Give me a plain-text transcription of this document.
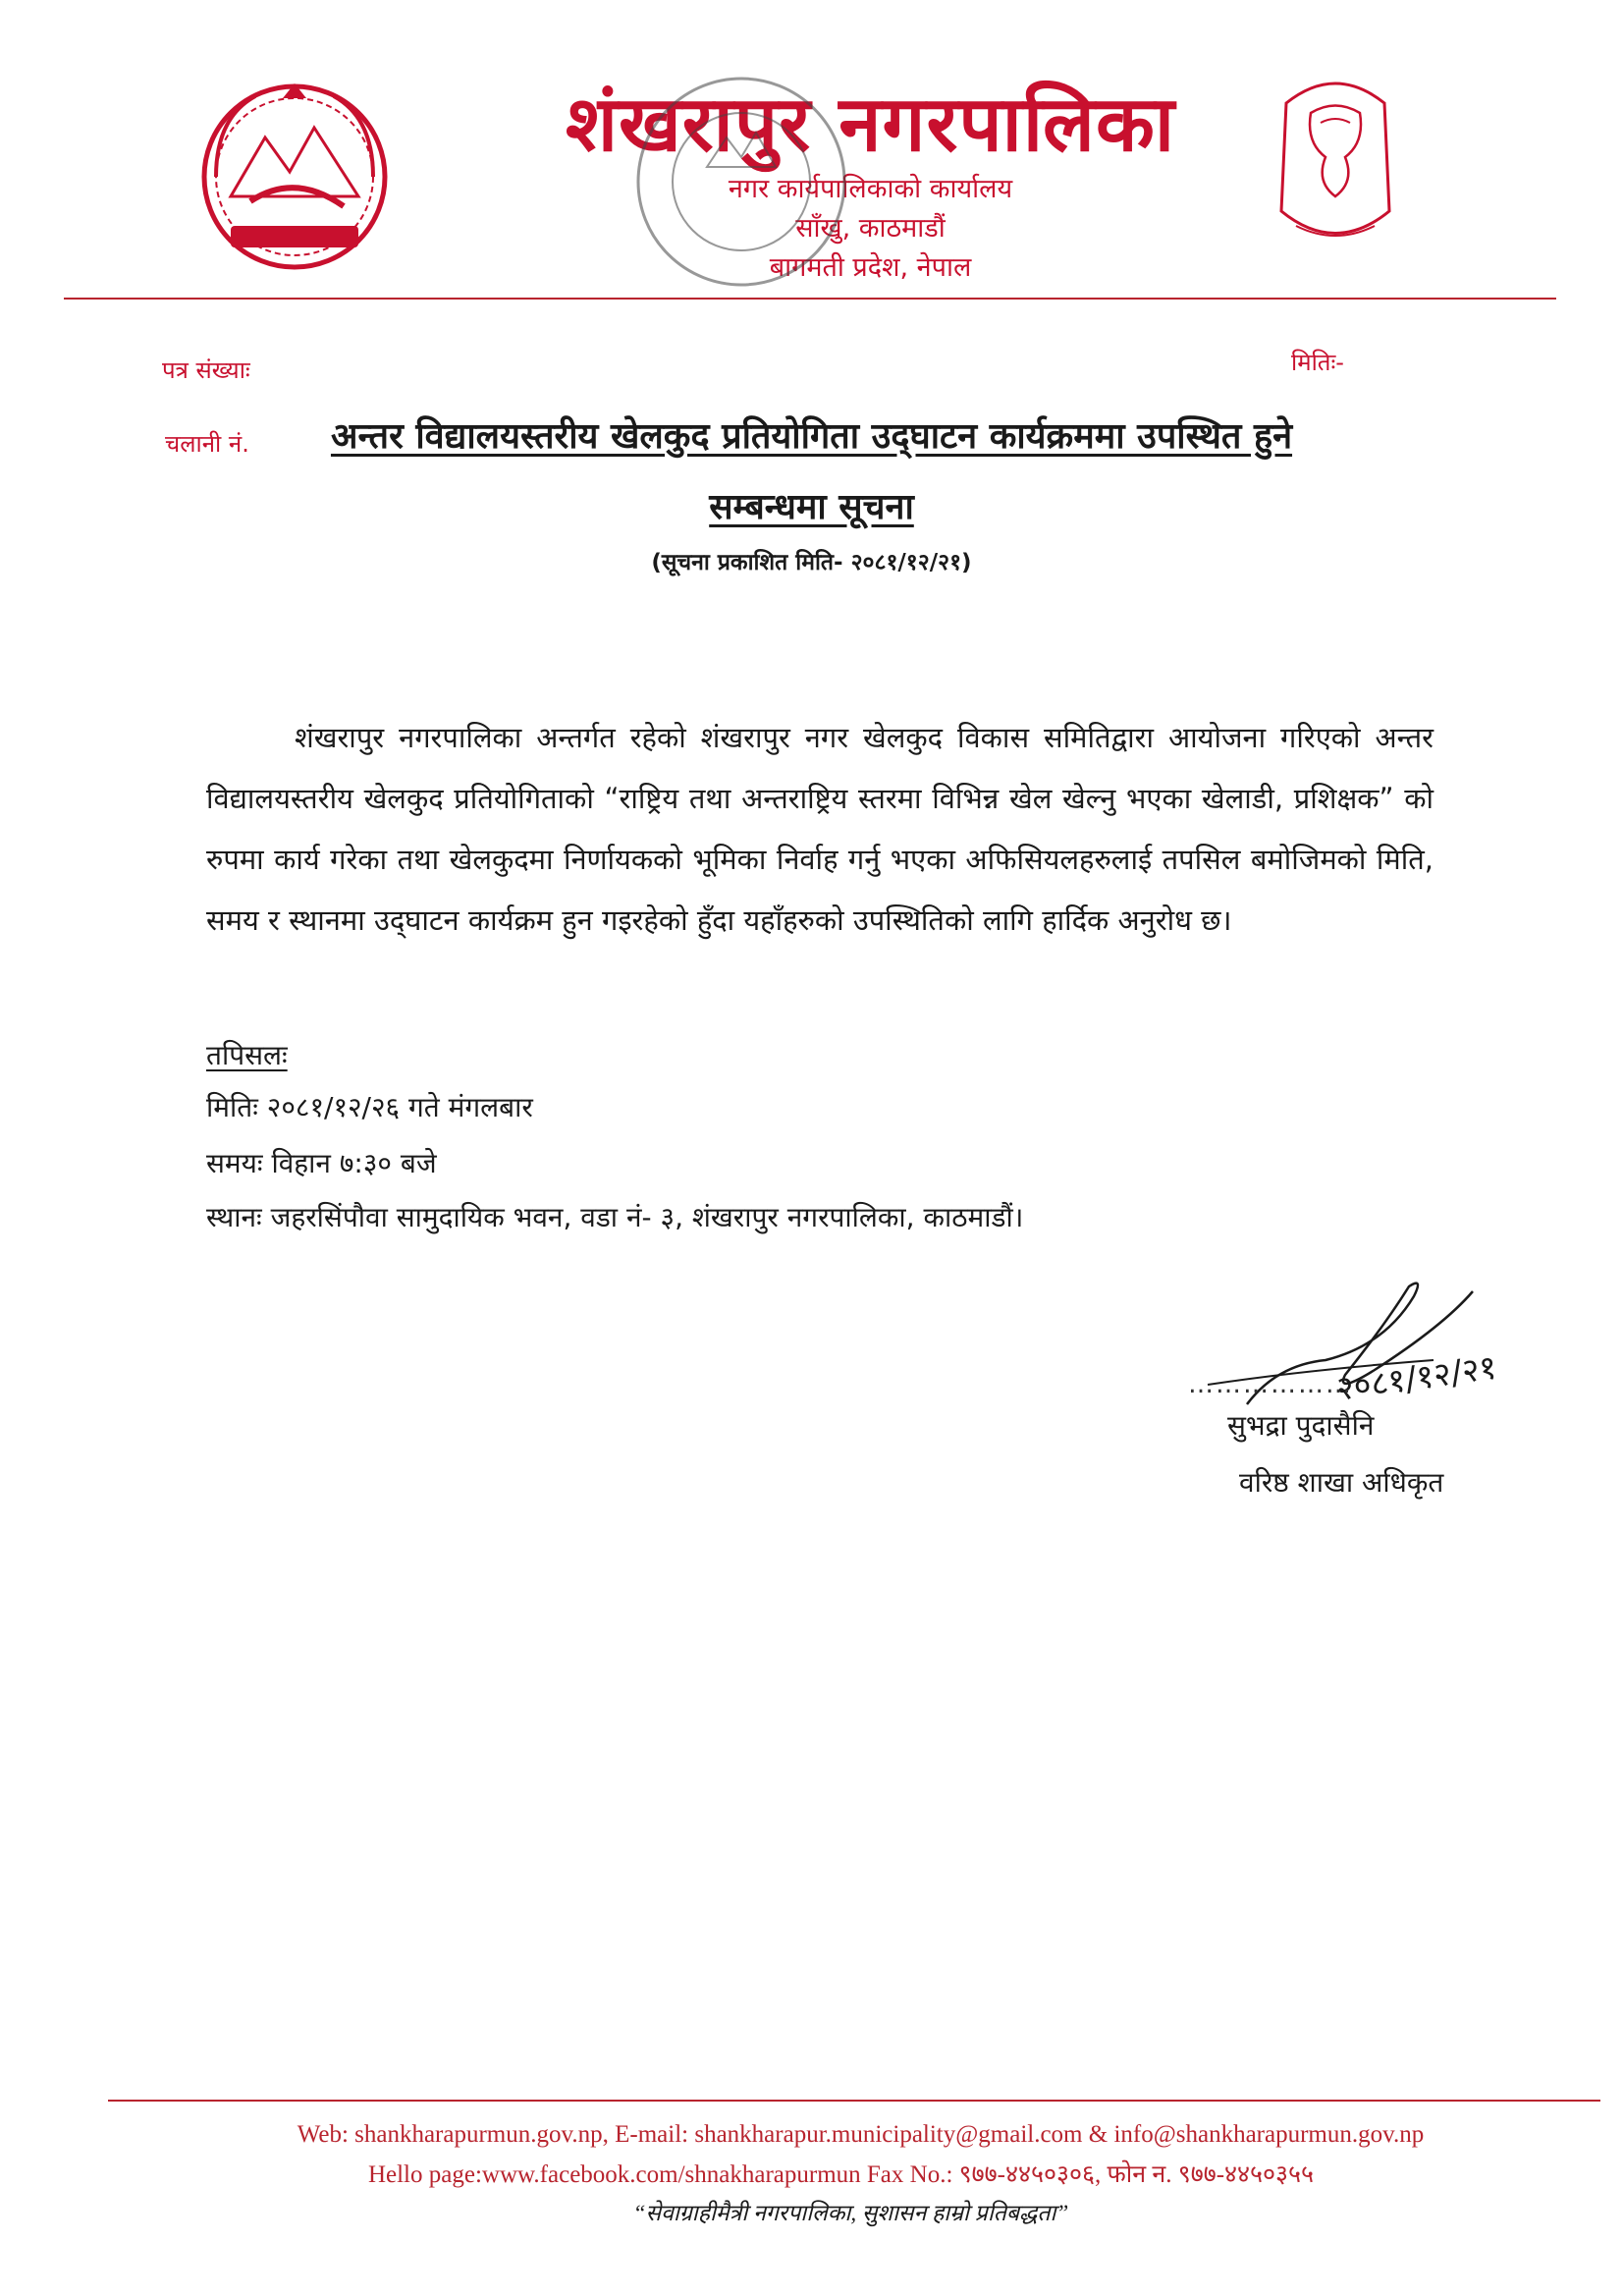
शंखरापुर नगरपालिका
नगर कार्यपालिकाको कार्यालय
साँखु, काठमाडौं
बागमती प्रदेश, नेपाल
पत्र संख्याः	मितिः-
चलानी नं.	अन्तर विद्यालयस्तरीय खेलकुद प्रतियोगिता उद्‌घाटन कार्यक्रममा उपस्थित हुने
सम्बन्धमा सूचना
(सूचना प्रकाशित मिति- २०८१/१२/२१)
शंखरापुर नगरपालिका अन्तर्गत रहेको शंखरापुर नगर खेलकुद विकास समितिद्वारा आयोजना गरिएको अन्तर विद्यालयस्तरीय खेलकुद प्रतियोगिताको “राष्ट्रिय तथा अन्तराष्ट्रिय स्तरमा विभिन्न खेल खेल्नु भएका खेलाडी, प्रशिक्षक” को रुपमा कार्य गरेका तथा खेलकुदमा निर्णायकको भूमिका निर्वाह गर्नु भएका अफिसियलहरुलाई तपसिल बमोजिमको मिति, समय र स्थानमा उद्‌घाटन कार्यक्रम हुन गइरहेको हुँदा यहाँहरुको उपस्थितिको लागि हार्दिक अनुरोध छ।
तपिसलः
मितिः २०८१/१२/२६ गते मंगलबार
समयः विहान ७:३० बजे
स्थानः जहरसिंपौवा सामुदायिक भवन, वडा नं- ३, शंखरापुर नगरपालिका, काठमाडौं।
२०८१/१२/२१
………………
सुभद्रा पुदासैनि
वरिष्ठ शाखा अधिकृत
Web: shankharapurmun.gov.np, E-mail: shankharapur.municipality@gmail.com & info@shankharapurmun.gov.np
Hello page:www.facebook.com/shnakharapurmun Fax No.: ९७७-४४५०३०६, फोन न. ९७७-४४५०३५५
“सेवाग्राहीमैत्री नगरपालिका, सुशासन हाम्रो प्रतिबद्धता”
